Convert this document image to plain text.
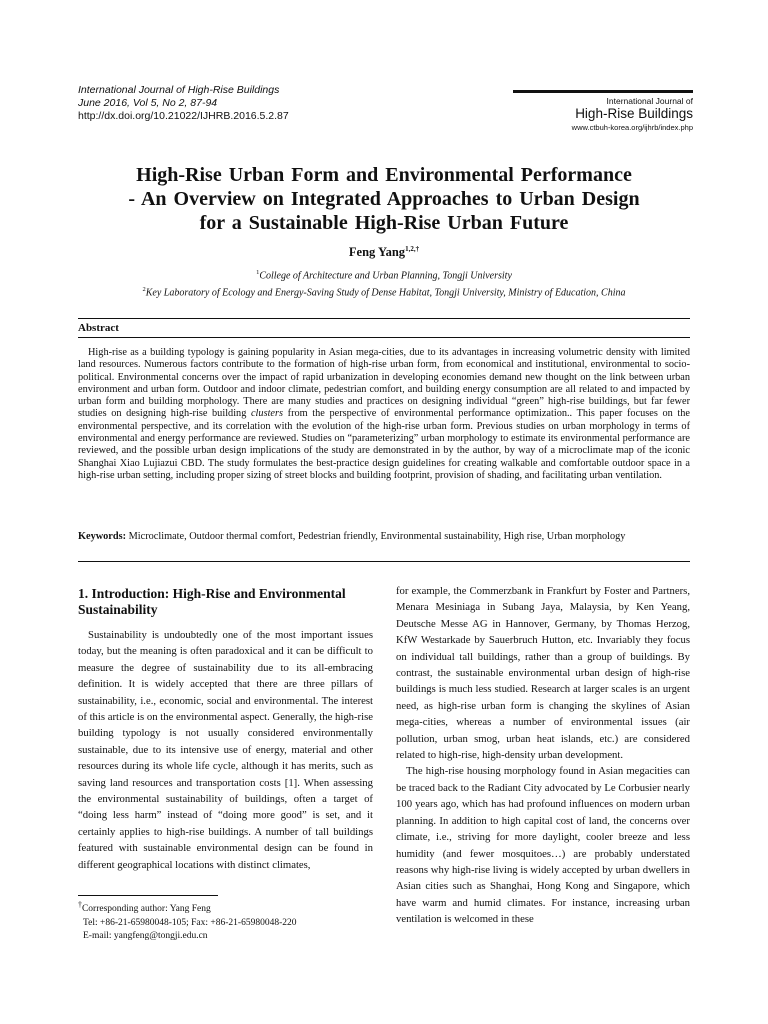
International Journal of High-Rise Buildings
June 2016, Vol 5, No 2, 87-94
http://dx.doi.org/10.21022/IJHRB.2016.5.2.87
International Journal of
High-Rise Buildings
www.ctbuh-korea.org/ijhrb/index.php
High-Rise Urban Form and Environmental Performance
- An Overview on Integrated Approaches to Urban Design
for a Sustainable High-Rise Urban Future
Feng Yang$^{1,2,\dagger}$
$^1$College of Architecture and Urban Planning, Tongji University
$^2$Key Laboratory of Ecology and Energy-Saving Study of Dense Habitat, Tongji University, Ministry of Education, China
Abstract
High-rise as a building typology is gaining popularity in Asian mega-cities, due to its advantages in increasing volumetric density with limited land resources. Numerous factors contribute to the formation of high-rise urban form, from economical and institutional, environmental to socio-political. Environmental concerns over the impact of rapid urbanization in developing economies demand new thought on the link between urban environment and urban form. Outdoor and indoor climate, pedestrian comfort, and building energy consumption are all related to and impacted by urban form and building morphology. There are many studies and practices on designing individual “green” high-rise buildings, but far fewer studies on designing high-rise building clusters from the perspective of environmental performance optimization.. This paper focuses on the environmental perspective, and its correlation with the evolution of the high-rise urban form. Previous studies on urban morphology in terms of environmental and energy performance are reviewed. Studies on “parameterizing” urban morphology to estimate its environmental performance are reviewed, and the possible urban design implications of the study are demonstrated in by the author, by way of a microclimate map of the iconic Shanghai Xiao Lujiazui CBD. The study formulates the best-practice design guidelines for creating walkable and comfortable outdoor space in a high-rise urban setting, including proper sizing of street blocks and building footprint, provision of shading, and facilitating urban ventilation.
Keywords: Microclimate, Outdoor thermal comfort, Pedestrian friendly, Environmental sustainability, High rise, Urban morphology
1. Introduction: High-Rise and Environmental Sustainability
Sustainability is undoubtedly one of the most important issues today, but the meaning is often paradoxical and it can be difficult to measure the degree of sustainability due to its all-embracing definition. It is widely accepted that there are three pillars of sustainability, i.e., economic, social and environmental. The interest of this article is on the environmental aspect. Generally, the high-rise building typology is not usually considered environmentally sustainable, due to its intensive use of energy, material and other resources during its whole life cycle, although it has merits, such as saving land resources and transportation costs [1]. When assessing the environmental sustainability of buildings, often a target of “doing less harm” instead of “doing more good” is set, and it certainly applies to high-rise buildings. A number of tall buildings featured with sustainable environmental design can be found in different geographical locations with distinct climates,

for example, the Commerzbank in Frankfurt by Foster and Partners, Menara Mesiniaga in Subang Jaya, Malaysia, by Ken Yeang, Deutsche Messe AG in Hannover, Germany, by Thomas Herzog, KfW Westarkade by Sauerbruch Hutton, etc. Invariably they focus on individual tall buildings, rather than a group of buildings. By contrast, the sustainable environmental urban design of high-rise buildings is much less studied. Research at larger scales is an urgent need, as high-rise urban form is changing the skylines of Asian mega-cities, whereas a number of environmental issues (air pollution, urban smog, urban heat islands, etc.) are considered related to high-rise, high-density urban development.

The high-rise housing morphology found in Asian megacities can be traced back to the Radiant City advocated by Le Corbusier nearly 100 years ago, which has had profound influences on modern urban planning. In addition to high capital cost of land, the concerns over climate, i.e., striving for more daylight, cooler breeze and less humidity (and fewer mosquitoes…) are probably understated reasons why high-rise living is widely accepted by urban dwellers in Asian cities such as Shanghai, Hong Kong and Singapore, which have warm and humid climates. For instance, increasing urban ventilation is welcomed in these

†Corresponding author: Yang Feng
Tel: +86-21-65980048-105; Fax: +86-21-65980048-220
E-mail: yangfeng@tongji.edu.cn
